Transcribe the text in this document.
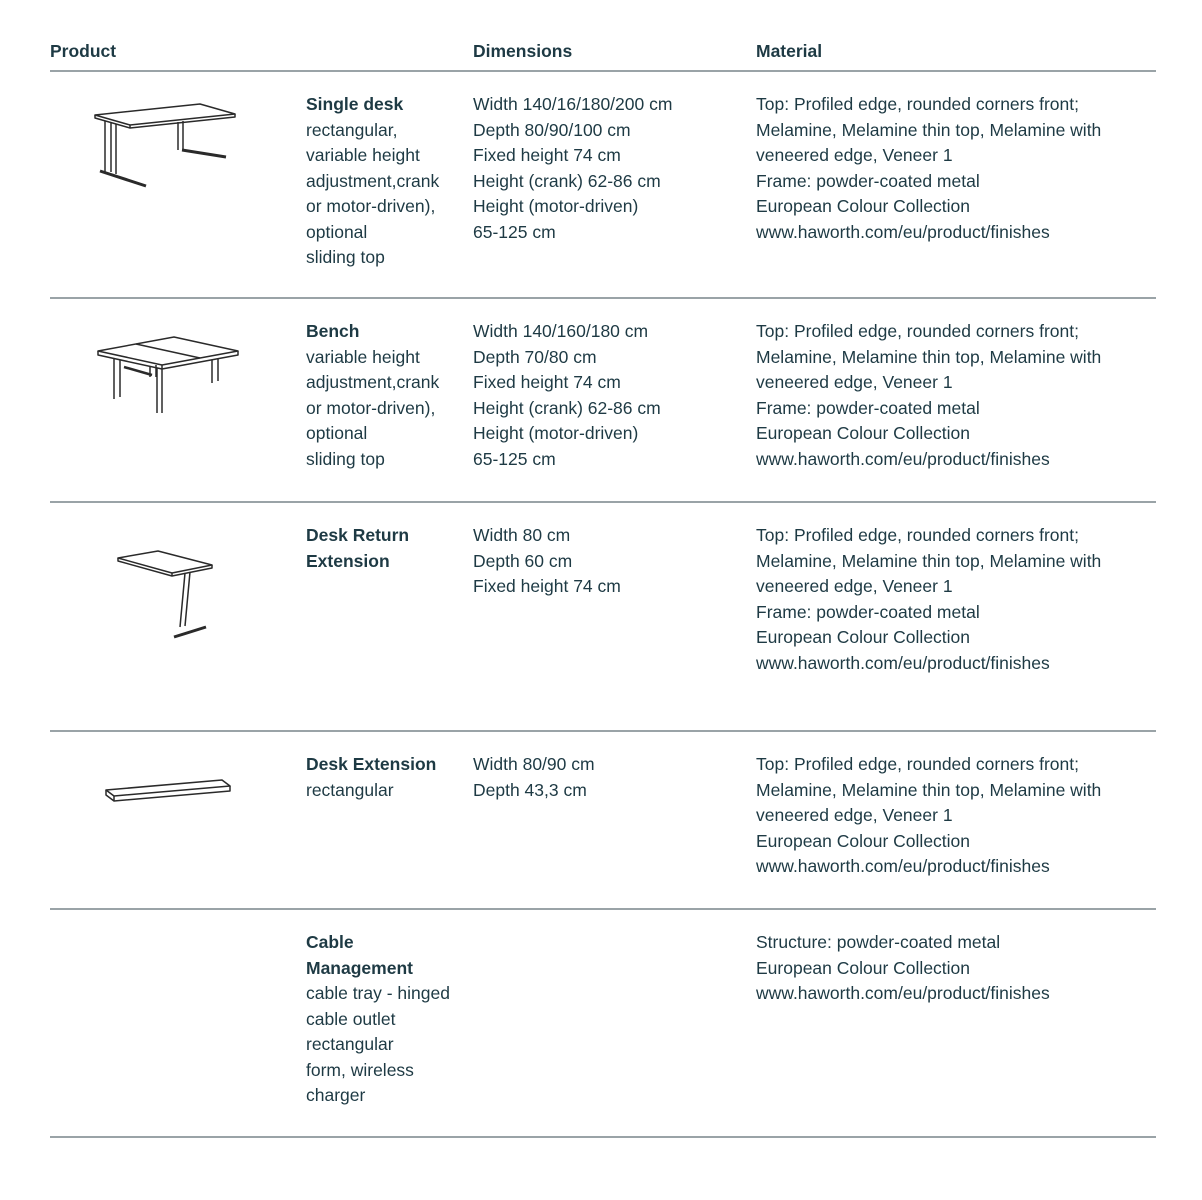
Product	Dimensions	Material
Single desk
rectangular,
variable height
adjustment,crank
or motor-driven),
optional
sliding top
Width 140/16/180/200 cm
Depth 80/90/100 cm
Fixed height 74 cm
Height (crank) 62-86 cm
Height (motor-driven)
65-125 cm
Top: Profiled edge, rounded corners front;
Melamine, Melamine thin top, Melamine with
veneered edge, Veneer 1
Frame: powder-coated metal
European Colour Collection
www.haworth.com/eu/product/finishes
Bench
variable height
adjustment,crank
or motor-driven),
optional
sliding top
Width 140/160/180 cm
Depth 70/80 cm
Fixed height 74 cm
Height (crank) 62-86 cm
Height (motor-driven)
65-125 cm
Top: Profiled edge, rounded corners front;
Melamine, Melamine thin top, Melamine with
veneered edge, Veneer 1
Frame: powder-coated metal
European Colour Collection
www.haworth.com/eu/product/finishes
Desk Return
Extension
Width 80 cm
Depth 60 cm
Fixed height 74 cm
Top: Profiled edge, rounded corners front;
Melamine, Melamine thin top, Melamine with
veneered edge, Veneer 1
Frame: powder-coated metal
European Colour Collection
www.haworth.com/eu/product/finishes
Desk Extension
rectangular
Width 80/90 cm
Depth 43,3 cm
Top: Profiled edge, rounded corners front;
Melamine, Melamine thin top, Melamine with
veneered edge, Veneer 1
European Colour Collection
www.haworth.com/eu/product/finishes
Cable
Management
cable tray - hinged
cable outlet
rectangular
form, wireless
charger
Structure: powder-coated metal
European Colour Collection
www.haworth.com/eu/product/finishes
